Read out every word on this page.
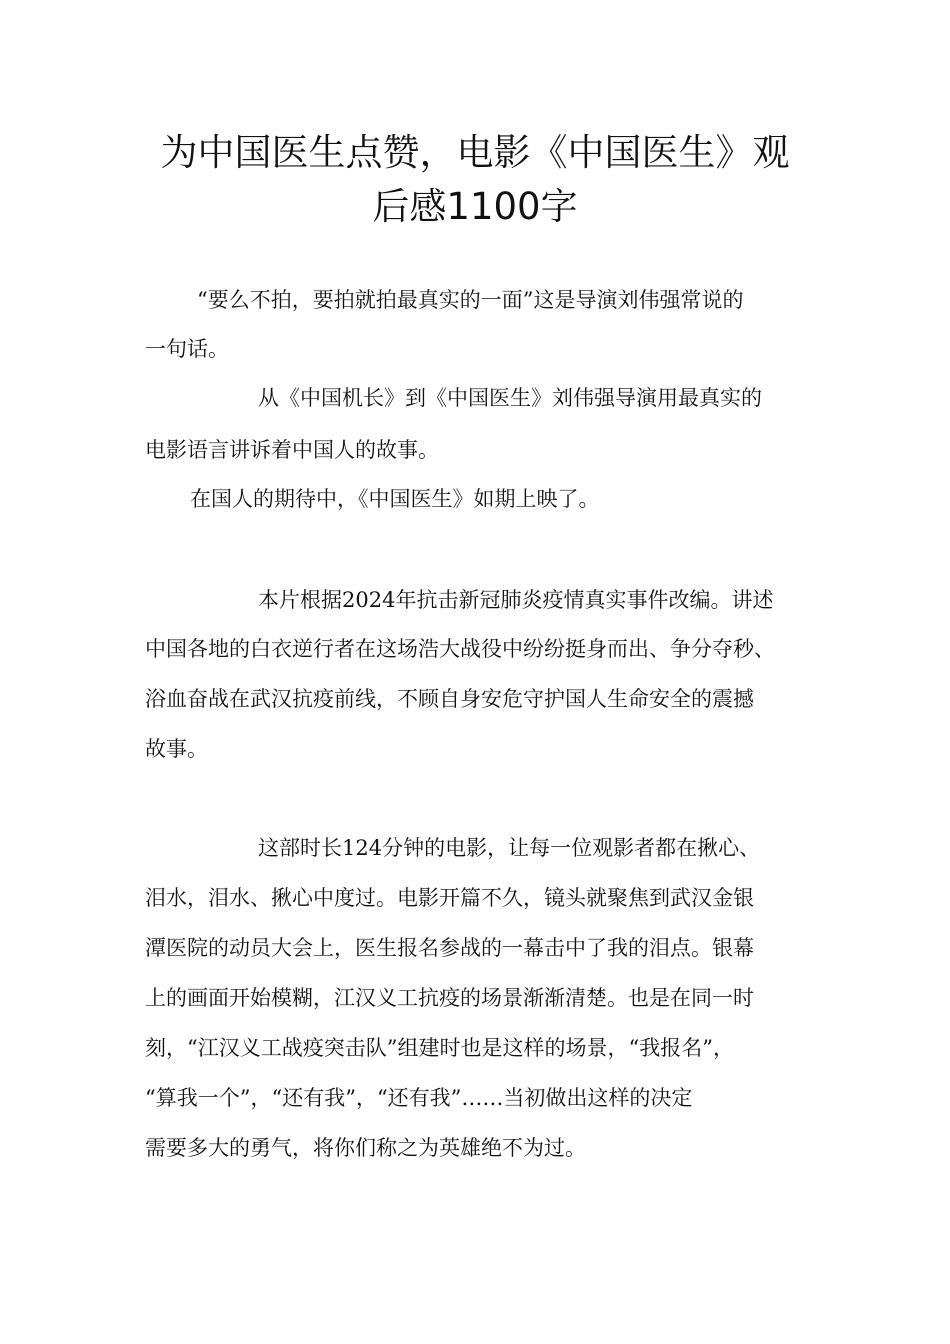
为中国医生点赞，电影《中国医生》观
后感1100字
“要么不拍，要拍就拍最真实的一面”这是导演刘伟强常说的
一句话。
从《中国机长》到《中国医生》刘伟强导演用最真实的
电影语言讲诉着中国人的故事。
在国人的期待中，《中国医生》如期上映了。
本片根据2024年抗击新冠肺炎疫情真实事件改编。讲述
中国各地的白衣逆行者在这场浩大战役中纷纷挺身而出、争分夺秒、
浴血奋战在武汉抗疫前线，不顾自身安危守护国人生命安全的震撼
故事。
这部时长124分钟的电影，让每一位观影者都在揪心、
泪水，泪水、揪心中度过。电影开篇不久，镜头就聚焦到武汉金银
潭医院的动员大会上，医生报名参战的一幕击中了我的泪点。银幕
上的画面开始模糊，江汉义工抗疫的场景渐渐清楚。也是在同一时
刻，“江汉义工战疫突击队”组建时也是这样的场景，“我报名”，
“算我一个”，“还有我”，“还有我”……当初做出这样的决定
需要多大的勇气，将你们称之为英雄绝不为过。
